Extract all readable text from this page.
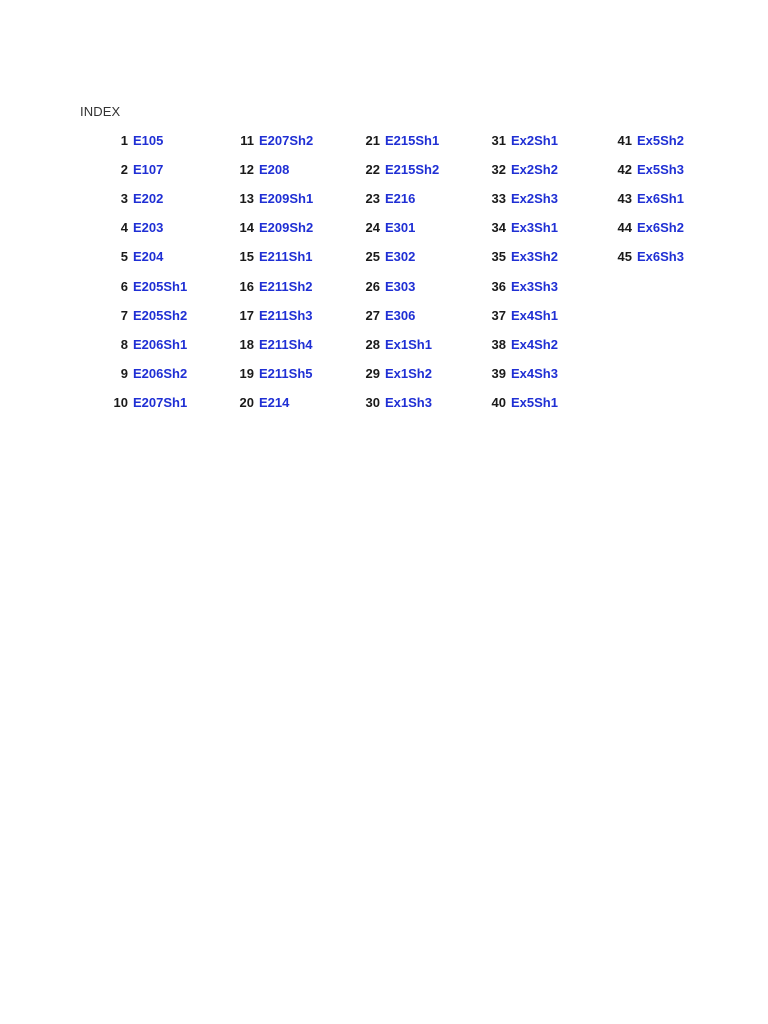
INDEX
1 E105
2 E107
3 E202
4 E203
5 E204
6 E205Sh1
7 E205Sh2
8 E206Sh1
9 E206Sh2
10 E207Sh1
11 E207Sh2
12 E208
13 E209Sh1
14 E209Sh2
15 E211Sh1
16 E211Sh2
17 E211Sh3
18 E211Sh4
19 E211Sh5
20 E214
21 E215Sh1
22 E215Sh2
23 E216
24 E301
25 E302
26 E303
27 E306
28 Ex1Sh1
29 Ex1Sh2
30 Ex1Sh3
31 Ex2Sh1
32 Ex2Sh2
33 Ex2Sh3
34 Ex3Sh1
35 Ex3Sh2
36 Ex3Sh3
37 Ex4Sh1
38 Ex4Sh2
39 Ex4Sh3
40 Ex5Sh1
41 Ex5Sh2
42 Ex5Sh3
43 Ex6Sh1
44 Ex6Sh2
45 Ex6Sh3
